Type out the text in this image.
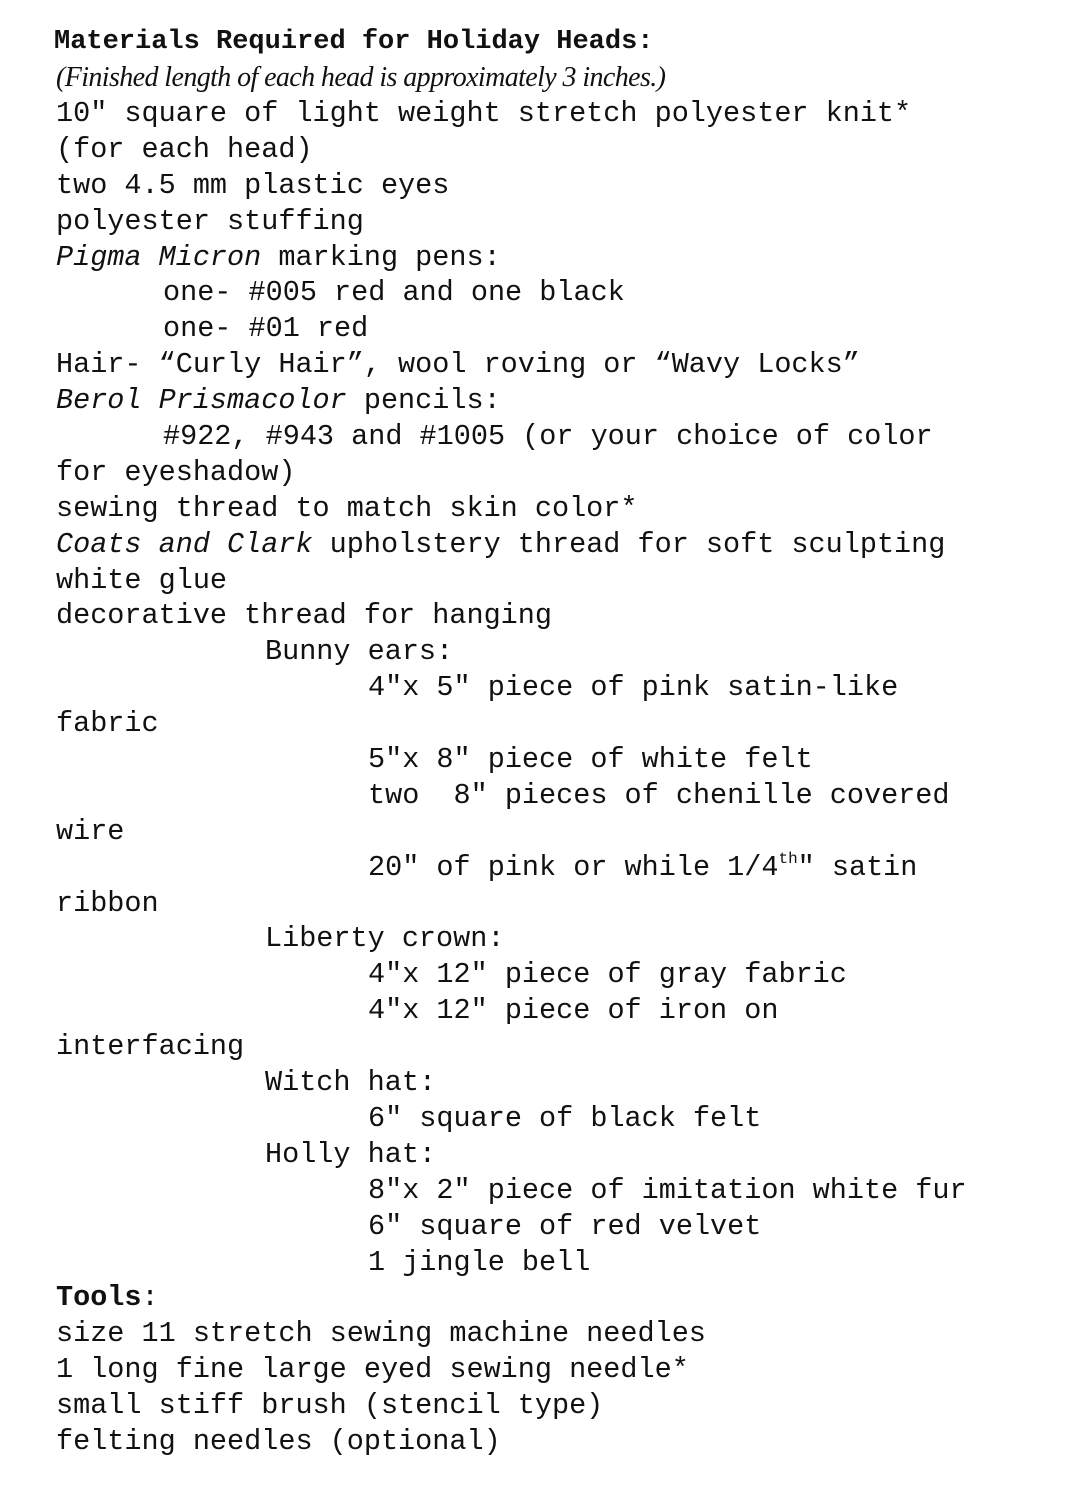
Materials Required for Holiday Heads:
(Finished length of each head is approximately 3 inches.)
10″ square of light weight stretch polyester knit*
(for each head)
two 4.5 mm plastic eyes
polyester stuffing
Pigma Micron marking pens:
one- #005 red and one black
one- #01 red
Hair- “Curly Hair”, wool roving or “Wavy Locks”
Berol Prismacolor pencils:
#922, #943 and #1005 (or your choice of color
for eyeshadow)
sewing thread to match skin color*
Coats and Clark upholstery thread for soft sculpting
white glue
decorative thread for hanging
Bunny ears:
4″x 5″ piece of pink satin-like
fabric
5″x 8″ piece of white felt
two  8″ pieces of chenille covered
wire
20" of pink or while 1/4th" satin
ribbon
Liberty crown:
4″x 12″ piece of gray fabric
4″x 12″ piece of iron on
interfacing
Witch hat:
6″ square of black felt
Holly hat:
8″x 2″ piece of imitation white fur
6″ square of red velvet
1 jingle bell
Tools:
size 11 stretch sewing machine needles
1 long fine large eyed sewing needle*
small stiff brush (stencil type)
felting needles (optional)
